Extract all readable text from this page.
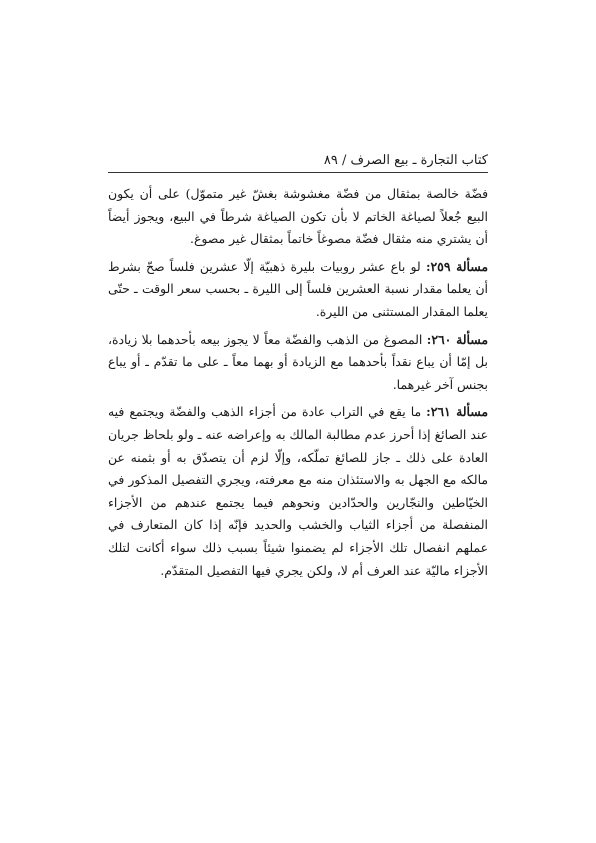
كتاب التجارة ـ بيع الصرف / ٨٩

فضّة خالصة بمثقال من فضّة مغشوشة بغشّ غير متموّل) على أن يكون البيع جُعلاً لصياغة الخاتم لا بأن تكون الصياغة شرطاً في البيع، ويجوز أيضاً أن يشتري منه مثقال فضّة مصوغاً خاتماً بمثقال غير مصوغ.

مسألة ٢٥٩: لو باع عشر روبيات بليرة ذهبيّة إلّا عشرين فلساً صحّ بشرط أن يعلما مقدار نسبة العشرين فلساً إلى الليرة ـ بحسب سعر الوقت ـ حتّى يعلما المقدار المستثنى من الليرة.

مسألة ٢٦٠: المصوغ من الذهب والفضّة معاً لا يجوز بيعه بأحدهما بلا زيادة، بل إمّا أن يباع نقداً بأحدهما مع الزيادة أو بهما معاً ـ على ما تقدّم ـ أو يباع بجنس آخر غيرهما.

مسألة ٢٦١: ما يقع في التراب عادة من أجزاء الذهب والفضّة ويجتمع فيه عند الصائغ إذا أحرز عدم مطالبة المالك به وإعراضه عنه ـ ولو بلحاظ جريان العادة على ذلك ـ جاز للصائغ تملّكه، وإلّا لزم أن يتصدّق به أو بثمنه عن مالكه مع الجهل به والاستئذان منه مع معرفته، ويجري التفصيل المذكور في الخيّاطين والنجّارين والحدّادين ونحوهم فيما يجتمع عندهم من الأجزاء المنفصلة من أجزاء الثياب والخشب والحديد فإنّه إذا كان المتعارف في عملهم انفصال تلك الأجزاء لم يضمنوا شيئاً بسبب ذلك سواء أكانت لتلك الأجزاء ماليّة عند العرف أم لا، ولكن يجري فيها التفصيل المتقدّم.
